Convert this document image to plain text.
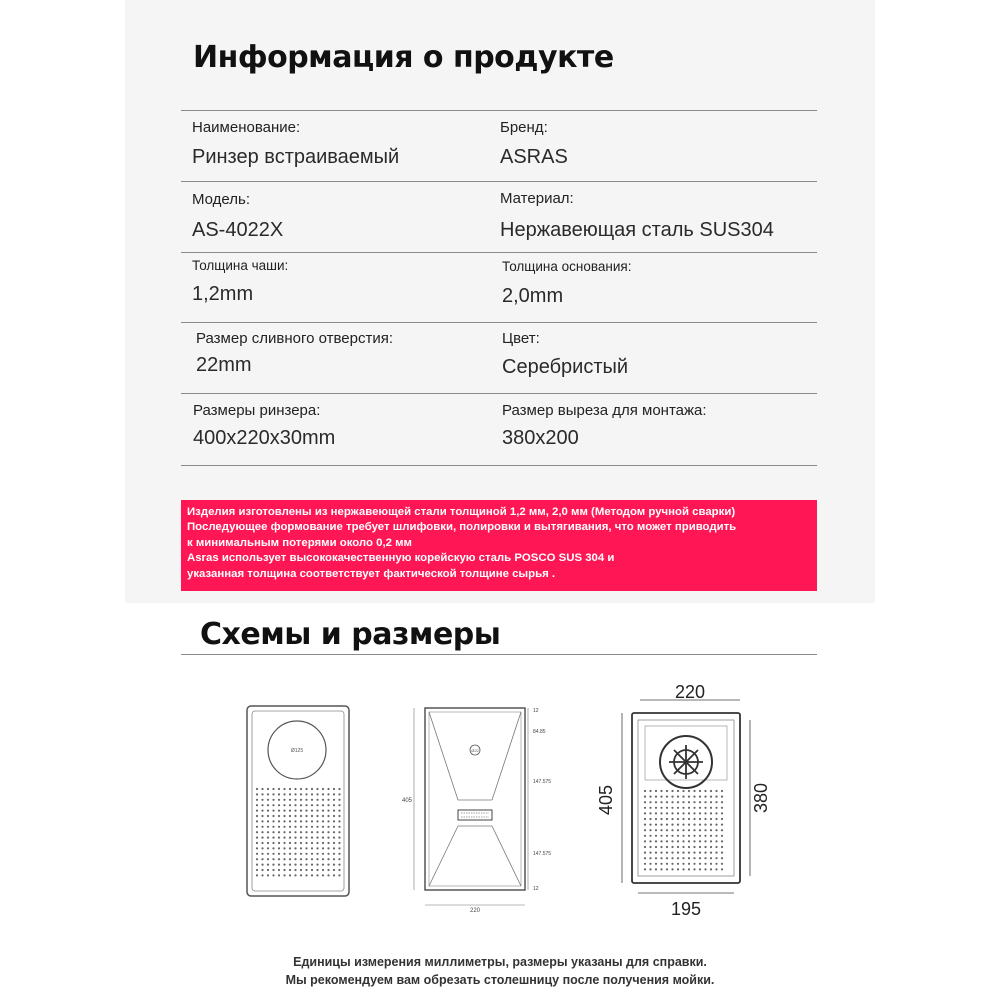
Информация о продукте
Наименование:
Ринзер встраиваемый
Бренд:
ASRAS
Модель:
AS-4022X
Материал:
Нержавеющая сталь SUS304
Толщина чаши:
1,2mm
Толщина основания:
2,0mm
Размер сливного отверстия:
22mm
Цвет:
Серебристый
Размеры ринзера:
400x220x30mm
Размер выреза для монтажа:
380x200
Изделия изготовлены из нержавеющей стали толщиной 1,2 мм, 2,0 мм (Методом ручной сварки)
Последующее формование требует шлифовки, полировки и вытягивания, что может приводить
к минимальным потерями около 0,2 мм
Asras использует высококачественную корейскую сталь POSCO SUS 304 и
указанная толщина соответствует фактической толщине сырья .
Схемы и размеры
Ø125	Ø22
405
220
12
84.85
147.575
147.575
12
220
405	380
195
Единицы измерения миллиметры, размеры указаны для справки.
Мы рекомендуем вам обрезать столешницу после получения мойки.
